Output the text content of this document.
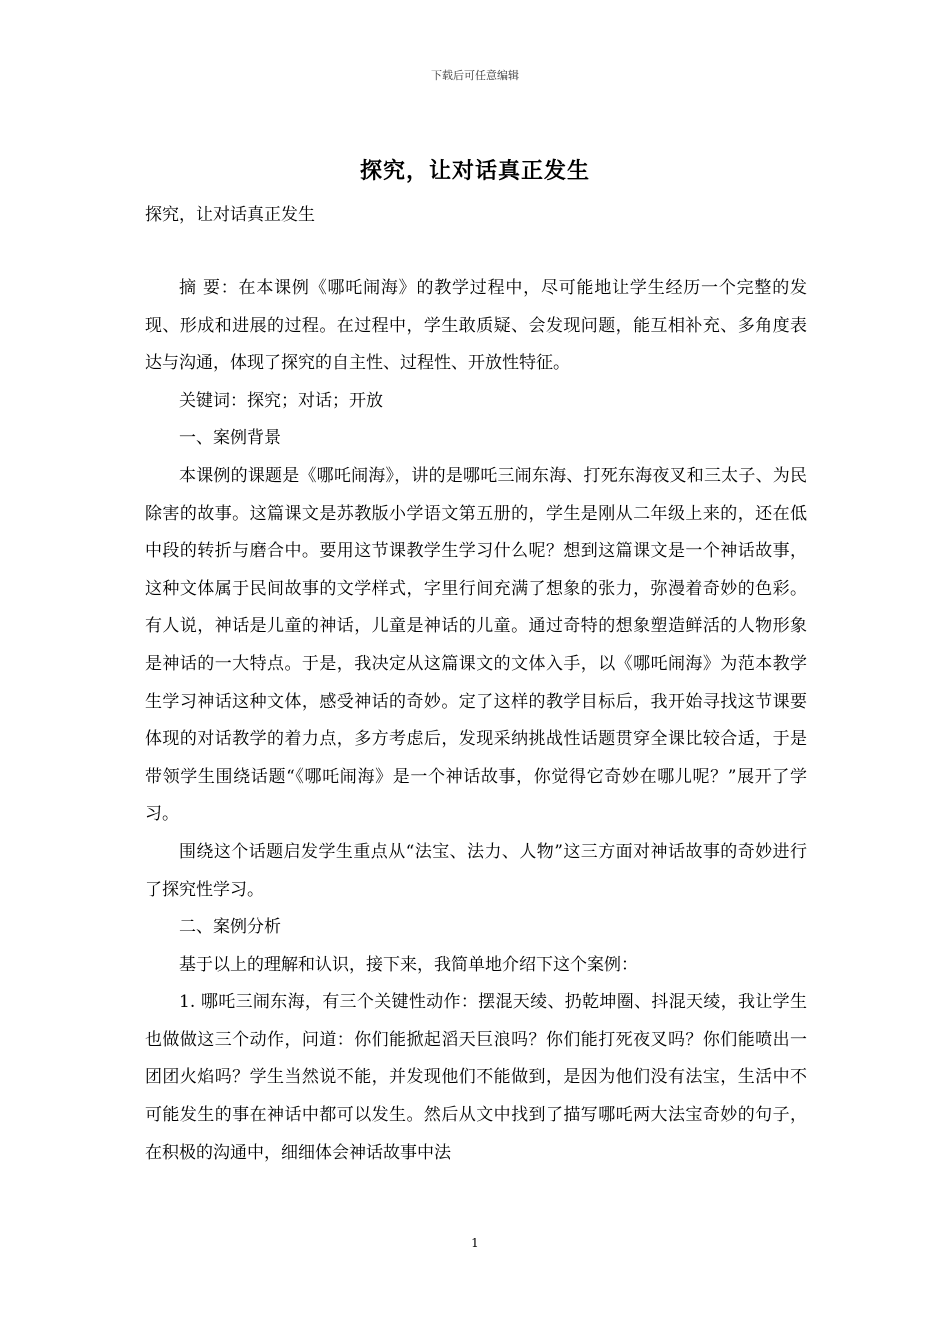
下载后可任意编辑
探究，让对话真正发生
探究，让对话真正发生

摘 要：在本课例《哪吒闹海》的教学过程中，尽可能地让学生经历一个完整的发现、形成和进展的过程。在过程中，学生敢质疑、会发现问题，能互相补充、多角度表达与沟通，体现了探究的自主性、过程性、开放性特征。

关键词：探究；对话；开放

一、案例背景

本课例的课题是《哪吒闹海》，讲的是哪吒三闹东海、打死东海夜叉和三太子、为民除害的故事。这篇课文是苏教版小学语文第五册的，学生是刚从二年级上来的，还在低中段的转折与磨合中。要用这节课教学生学习什么呢？想到这篇课文是一个神话故事，这种文体属于民间故事的文学样式，字里行间充满了想象的张力，弥漫着奇妙的色彩。有人说，神话是儿童的神话，儿童是神话的儿童。通过奇特的想象塑造鲜活的人物形象是神话的一大特点。于是，我决定从这篇课文的文体入手，以《哪吒闹海》为范本教学生学习神话这种文体，感受神话的奇妙。定了这样的教学目标后，我开始寻找这节课要体现的对话教学的着力点，多方考虑后，发现采纳挑战性话题贯穿全课比较合适，于是带领学生围绕话题“《哪吒闹海》是一个神话故事，你觉得它奇妙在哪儿呢？”展开了学习。

围绕这个话题启发学生重点从“法宝、法力、人物”这三方面对神话故事的奇妙进行了探究性学习。

二、案例分析

基于以上的理解和认识，接下来，我简单地介绍下这个案例：

1. 哪吒三闹东海，有三个关键性动作：摆混天绫、扔乾坤圈、抖混天绫，我让学生也做做这三个动作，问道：你们能掀起滔天巨浪吗？你们能打死夜叉吗？你们能喷出一团团火焰吗？学生当然说不能，并发现他们不能做到，是因为他们没有法宝，生活中不可能发生的事在神话中都可以发生。然后从文中找到了描写哪吒两大法宝奇妙的句子，在积极的沟通中，细细体会神话故事中法

1
